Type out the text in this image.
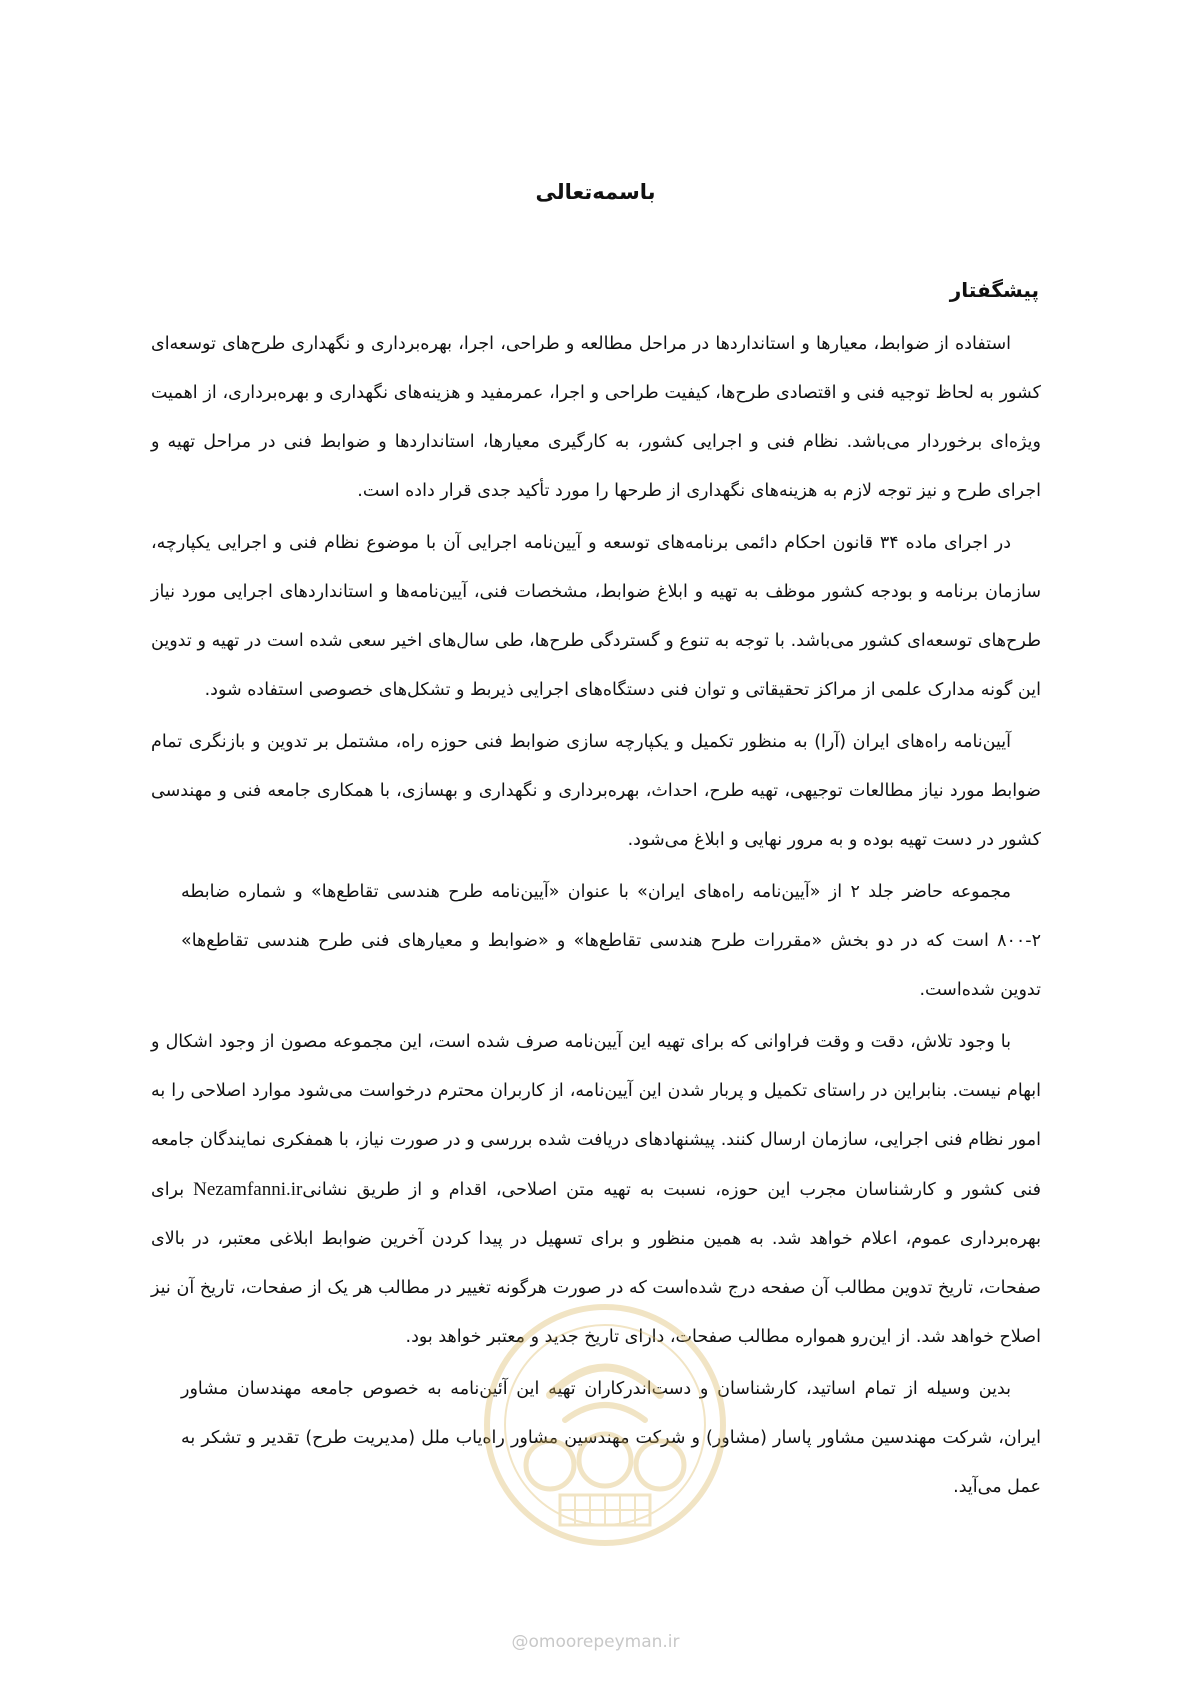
باسمه‌تعالی
پیشگفتار

استفاده از ضوابط، معیارها و استانداردها در مراحل مطالعه و طراحی، اجرا، بهره‌برداری و نگهداری طرح‌های توسعه‌ای کشور به لحاظ توجیه فنی و اقتصادی طرح‌ها، کیفیت طراحی و اجرا، عمرمفید و هزینه‌های نگهداری و بهره‌برداری، از اهمیت ویژه‌ای برخوردار می‌باشد. نظام فنی و اجرایی کشور، به کارگیری معیارها، استانداردها و ضوابط فنی در مراحل تهیه و اجرای طرح و نیز توجه لازم به هزینه‌های نگهداری از طرحها را مورد تأکید جدی قرار داده است.

در اجرای ماده ۳۴ قانون احکام دائمی برنامه‌های توسعه و آیین‌نامه اجرایی آن با موضوع نظام فنی و اجرایی یکپارچه، سازمان برنامه و بودجه کشور موظف به تهیه و ابلاغ ضوابط، مشخصات فنی، آیین‌نامه‌ها و استانداردهای اجرایی مورد نیاز طرح‌های توسعه‌ای کشور می‌باشد. با توجه به تنوع و گستردگی طرح‌ها، طی سال‌های اخیر سعی شده است در تهیه و تدوین این گونه مدارک علمی از مراکز تحقیقاتی و توان فنی دستگاه‌های اجرایی ذیربط و تشکل‌های خصوصی استفاده شود.

آیین‌نامه راه‌های ایران (آرا) به منظور تکمیل و یکپارچه سازی ضوابط فنی حوزه راه، مشتمل بر تدوین و بازنگری تمام ضوابط مورد نیاز مطالعات توجیهی، تهیه طرح، احداث، بهره‌برداری و نگهداری و بهسازی، با همکاری جامعه فنی و مهندسی کشور در دست تهیه بوده و به مرور نهایی و ابلاغ می‌شود.

مجموعه حاضر جلد ۲ از «آیین‌نامه راه‌های ایران» با عنوان «آیین‌نامه طرح هندسی تقاطع‌ها» و شماره ضابطه ۲-۸۰۰ است که در دو بخش «مقررات طرح هندسی تقاطع‌ها» و «ضوابط و معیارهای فنی طرح هندسی تقاطع‌ها» تدوین شده‌است.

با وجود تلاش، دقت و وقت فراوانی که برای تهیه این آیین‌نامه صرف شده است، این مجموعه مصون از وجود اشکال و ابهام نیست. بنابراین در راستای تکمیل و پربار شدن این آیین‌نامه، از کاربران محترم درخواست می‌شود موارد اصلاحی را به امور نظام فنی اجرایی، سازمان ارسال کنند. پیشنهادهای دریافت شده بررسی و در صورت نیاز، با همفکری نمایندگان جامعه فنی کشور و کارشناسان مجرب این حوزه، نسبت به تهیه متن اصلاحی، اقدام و از طریق نشانیNezamfanni.ir برای بهره‌برداری عموم، اعلام خواهد شد. به همین منظور و برای تسهیل در پیدا کردن آخرین ضوابط ابلاغی معتبر، در بالای صفحات، تاریخ تدوین مطالب آن صفحه درج شده‌است که در صورت هرگونه تغییر در مطالب هر یک از صفحات، تاریخ آن نیز اصلاح خواهد شد. از این‌رو همواره مطالب صفحات، دارای تاریخ جدید و معتبر خواهد بود.

بدین وسیله از تمام اساتید، کارشناسان و دست‌اندرکاران تهیه این آئین‌نامه به خصوص جامعه مهندسان مشاور ایران، شرکت مهندسین مشاور پاسار (مشاور) و شرکت مهندسین مشاور راه‌یاب ملل (مدیریت طرح) تقدیر و تشکر به عمل می‌آید.

@omoorepeyman.ir
